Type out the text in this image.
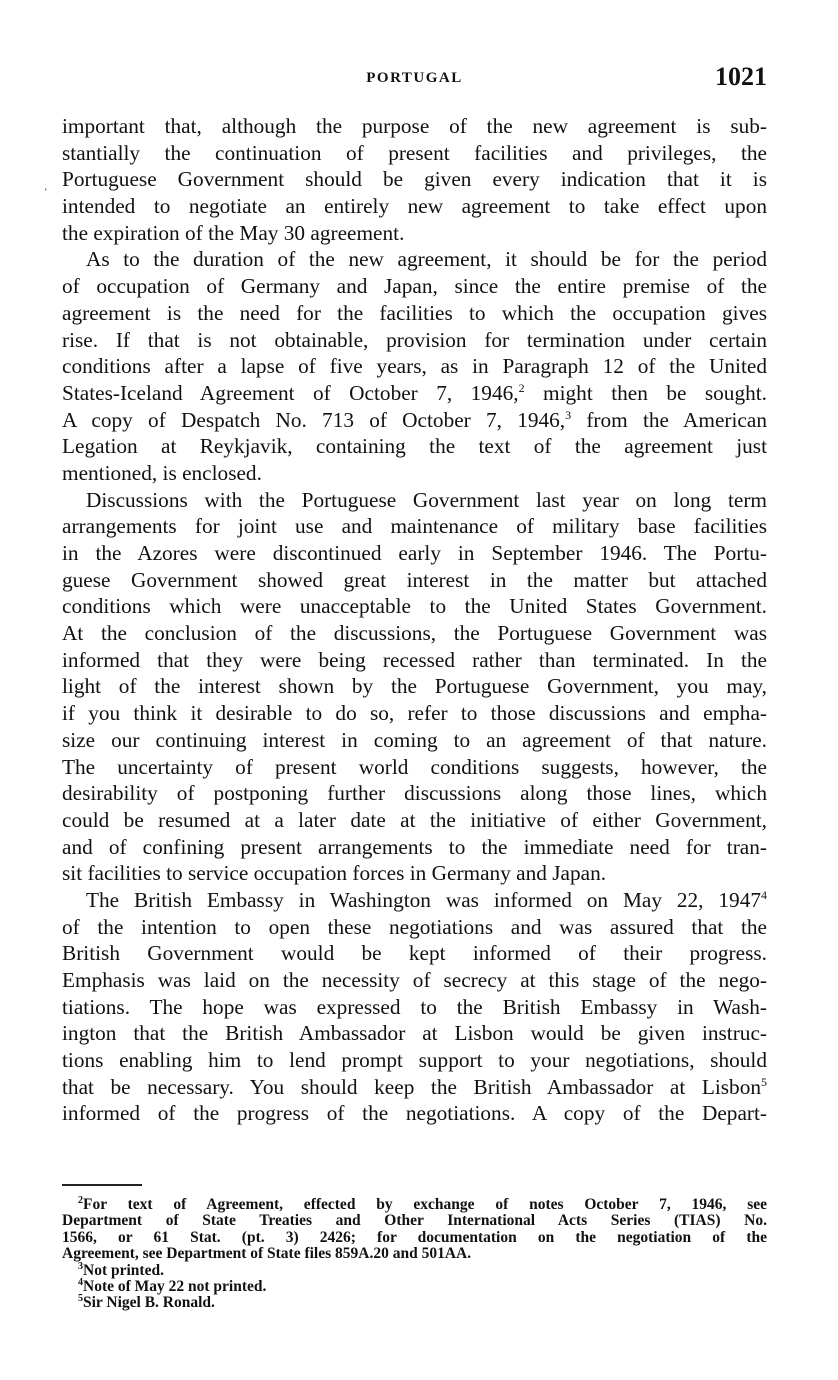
PORTUGAL	1021
‘
important that, although the purpose of the new agreement is sub-
stantially the continuation of present facilities and privileges, the
Portuguese Government should be given every indication that it is
intended to negotiate an entirely new agreement to take effect upon
the expiration of the May 30 agreement.
As to the duration of the new agreement, it should be for the period
of occupation of Germany and Japan, since the entire premise of the
agreement is the need for the facilities to which the occupation gives
rise. If that is not obtainable, provision for termination under certain
conditions after a lapse of five years, as in Paragraph 12 of the United
States-Iceland Agreement of October 7, 1946,$^2$ might then be sought.
A copy of Despatch No. 713 of October 7, 1946,$^3$ from the American
Legation at Reykjavik, containing the text of the agreement just
mentioned, is enclosed.
Discussions with the Portuguese Government last year on long term
arrangements for joint use and maintenance of military base facilities
in the Azores were discontinued early in September 1946. The Portu-
guese Government showed great interest in the matter but attached
conditions which were unacceptable to the United States Government.
At the conclusion of the discussions, the Portuguese Government was
informed that they were being recessed rather than terminated. In the
light of the interest shown by the Portuguese Government, you may,
if you think it desirable to do so, refer to those discussions and empha-
size our continuing interest in coming to an agreement of that nature.
The uncertainty of present world conditions suggests, however, the
desirability of postponing further discussions along those lines, which
could be resumed at a later date at the initiative of either Government,
and of confining present arrangements to the immediate need for tran-
sit facilities to service occupation forces in Germany and Japan.
The British Embassy in Washington was informed on May 22, 1947$^4$
of the intention to open these negotiations and was assured that the
British Government would be kept informed of their progress.
Emphasis was laid on the necessity of secrecy at this stage of the nego-
tiations. The hope was expressed to the British Embassy in Wash-
ington that the British Ambassador at Lisbon would be given instruc-
tions enabling him to lend prompt support to your negotiations, should
that be necessary. You should keep the British Ambassador at Lisbon$^5$
informed of the progress of the negotiations. A copy of the Depart-
$^2$For text of Agreement, effected by exchange of notes October 7, 1946, see
Department of State Treaties and Other International Acts Series (TIAS) No.
1566, or 61 Stat. (pt. 3) 2426; for documentation on the negotiation of the
Agreement, see Department of State files 859A.20 and 501AA.
$^3$Not printed.
$^4$Note of May 22 not printed.
$^5$Sir Nigel B. Ronald.
